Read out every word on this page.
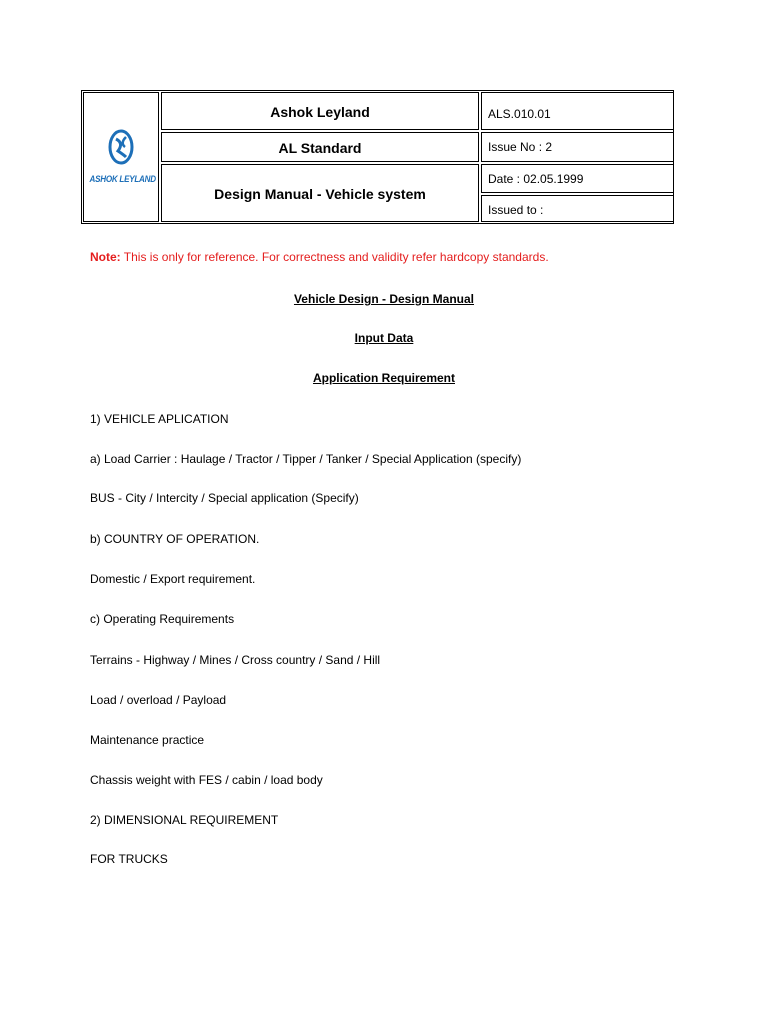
ASHOK LEYLAND
Ashok Leyland
AL Standard
Design Manual - Vehicle system
ALS.010.01
Issue No : 2
Date : 02.05.1999
Issued to :
Note: This is only for reference. For correctness and validity refer hardcopy standards.
Vehicle Design - Design Manual
Input Data
Application Requirement
1) VEHICLE APLICATION
a) Load Carrier : Haulage / Tractor / Tipper / Tanker / Special Application (specify)
BUS - City / Intercity / Special application (Specify)
b) COUNTRY OF OPERATION.
Domestic / Export requirement.
c) Operating Requirements
Terrains - Highway / Mines / Cross country / Sand / Hill
Load / overload / Payload
Maintenance practice
Chassis weight with FES / cabin / load body
2) DIMENSIONAL REQUIREMENT
FOR TRUCKS
